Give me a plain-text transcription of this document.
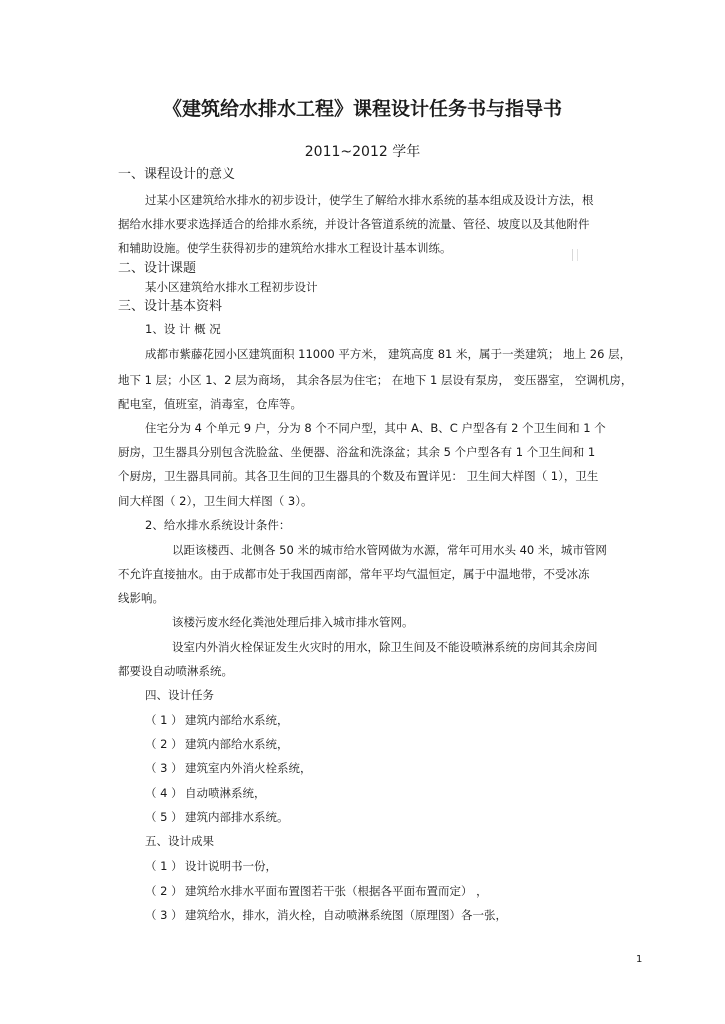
《建筑给水排水工程》课程设计任务书与指导书
2011~2012 学年
一、课程设计的意义
过某小区建筑给水排水的初步设计，使学生了解给水排水系统的基本组成及设计方法，根
据给水排水要求选择适合的给排水系统，并设计各管道系统的流量、管径、坡度以及其他附件
和辅助设施。使学生获得初步的建筑给水排水工程设计基本训练。
二、设计课题
某小区建筑给水排水工程初步设计
三、设计基本资料
1、设 计 概 况
成都市紫藤花园小区建筑面积 11000 平方米， 建筑高度 81 米，属于一类建筑； 地上 26 层，
地下 1 层；小区 1、2 层为商场， 其余各层为住宅； 在地下 1 层设有泵房， 变压器室， 空调机房，
配电室，值班室，消毒室，仓库等。
住宅分为 4 个单元 9 户，分为 8 个不同户型，其中 A、B、C 户型各有 2 个卫生间和 1 个
厨房，卫生器具分别包含洗脸盆、坐便器、浴盆和洗涤盆；其余 5 个户型各有 1 个卫生间和 1
个厨房，卫生器具同前。其各卫生间的卫生器具的个数及布置详见： 卫生间大样图（ 1），卫生
间大样图（ 2），卫生间大样图（ 3）。
2、给水排水系统设计条件：
以距该楼西、北侧各 50 米的城市给水管网做为水源，常年可用水头 40 米，城市管网
不允许直接抽水。由于成都市处于我国西南部，常年平均气温恒定，属于中温地带，不受冰冻
线影响。
该楼污废水经化粪池处理后排入城市排水管网。
设室内外消火栓保证发生火灾时的用水，除卫生间及不能设喷淋系统的房间其余房间
都要设自动喷淋系统。
四、设计任务
（ 1 ） 建筑内部给水系统，
（ 2 ） 建筑内部给水系统，
（ 3 ） 建筑室内外消火栓系统，
（ 4 ） 自动喷淋系统，
（ 5 ） 建筑内部排水系统。
五、设计成果
（ 1 ） 设计说明书一份，
（ 2 ） 建筑给水排水平面布置图若干张（根据各平面布置而定） ，
（ 3 ） 建筑给水，排水，消火栓，自动喷淋系统图（原理图）各一张，
1
